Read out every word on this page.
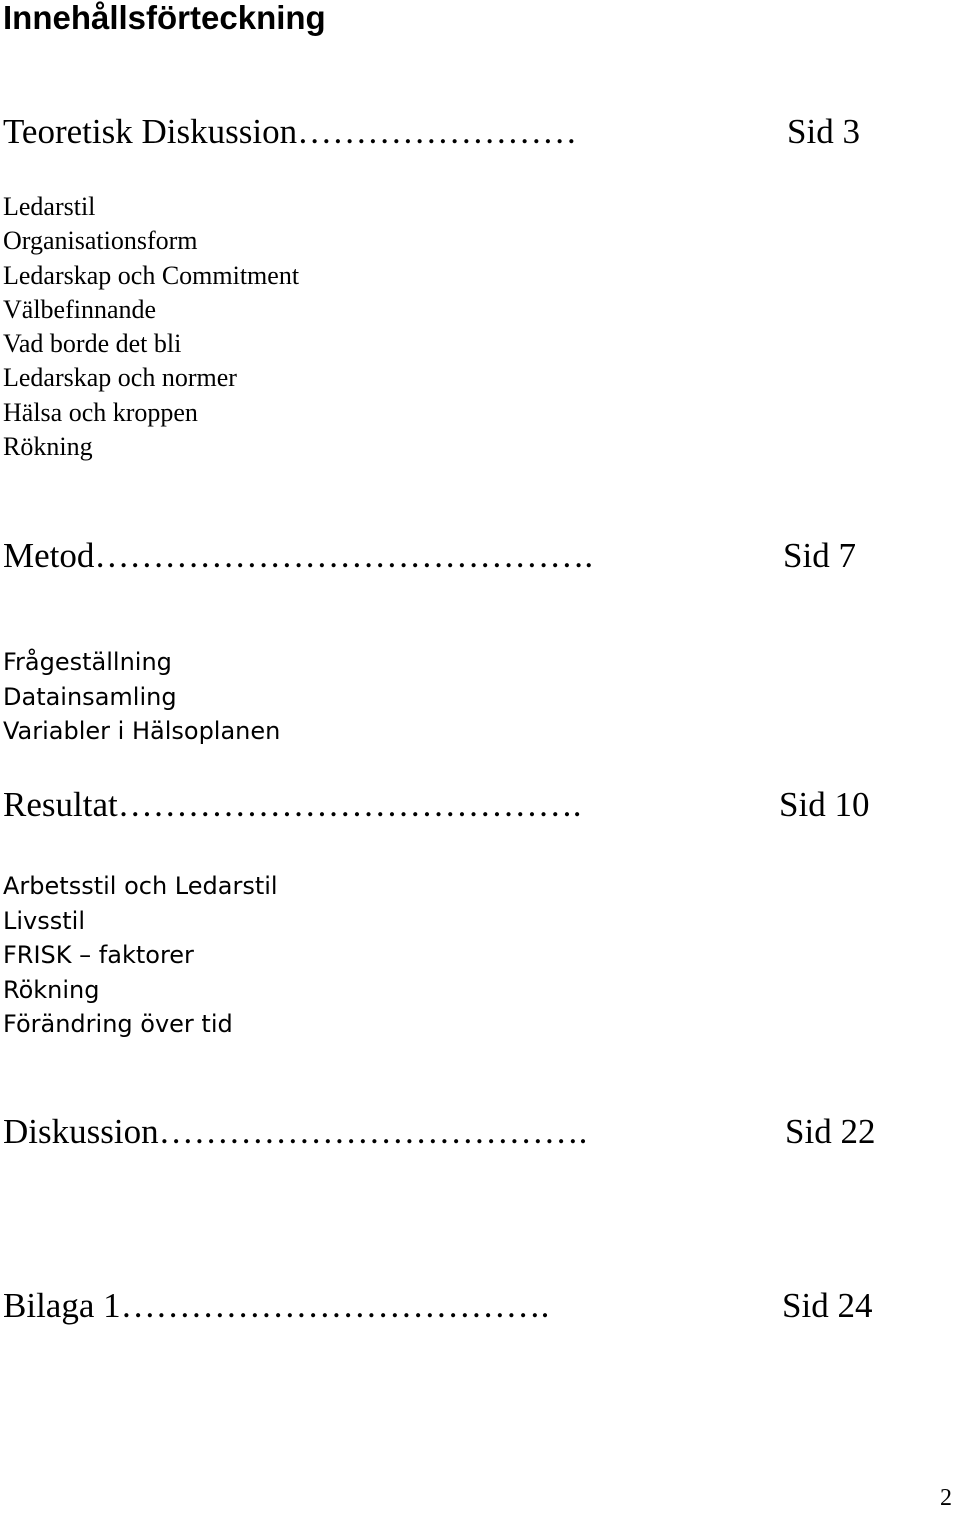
Innehållsförteckning
Teoretisk Diskussion……………………	Sid 3
Ledarstil
Organisationsform
Ledarskap och Commitment
Välbefinnande
Vad borde det bli
Ledarskap och normer
Hälsa och kroppen
Rökning
Metod…………………………………….	Sid 7
Frågeställning
Datainsamling
Variabler i Hälsoplanen
Resultat………………………………….	Sid 10
Arbetsstil och Ledarstil
Livsstil
FRISK – faktorer
Rökning
Förändring över tid
Diskussion……………………………….	Sid 22
Bilaga 1……………………………….	Sid 24
2
